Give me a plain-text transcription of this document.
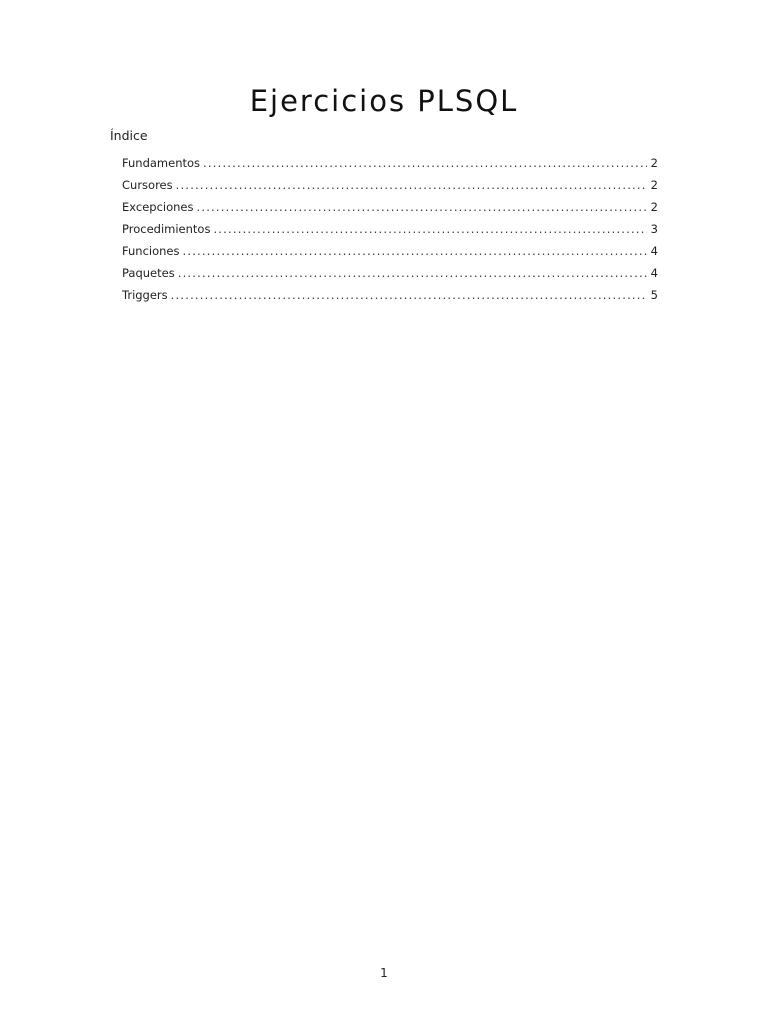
Ejercicios PLSQL
Índice
Fundamentos .....	2
Cursores .....	2
Excepciones .....	2
Procedimientos .....	3
Funciones .....	4
Paquetes .....	4
Triggers .....	5
1
